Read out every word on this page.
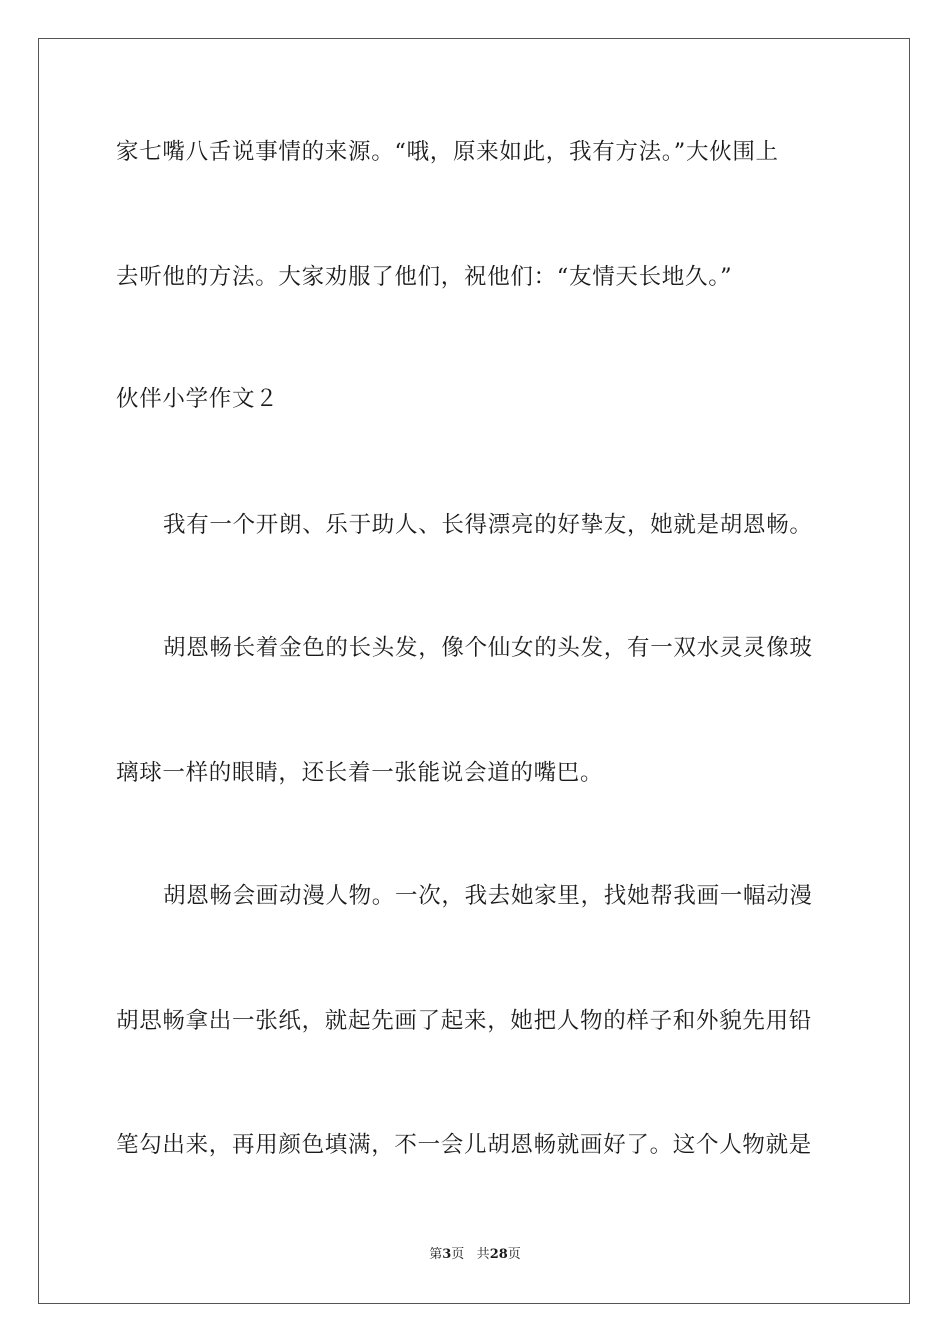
家七嘴八舌说事情的来源。“哦，原来如此，我有方法。”大伙围上

去听他的方法。大家劝服了他们，祝他们：“友情天长地久。”

伙伴小学作文２

我有一个开朗、乐于助人、长得漂亮的好挚友，她就是胡恩畅。

胡恩畅长着金色的长头发，像个仙女的头发，有一双水灵灵像玻

璃球一样的眼睛，还长着一张能说会道的嘴巴。

胡恩畅会画动漫人物。一次，我去她家里，找她帮我画一幅动漫

胡思畅拿出一张纸，就起先画了起来，她把人物的样子和外貌先用铅

笔勾出来，再用颜色填满，不一会儿胡恩畅就画好了。这个人物就是

第3页 共28页
